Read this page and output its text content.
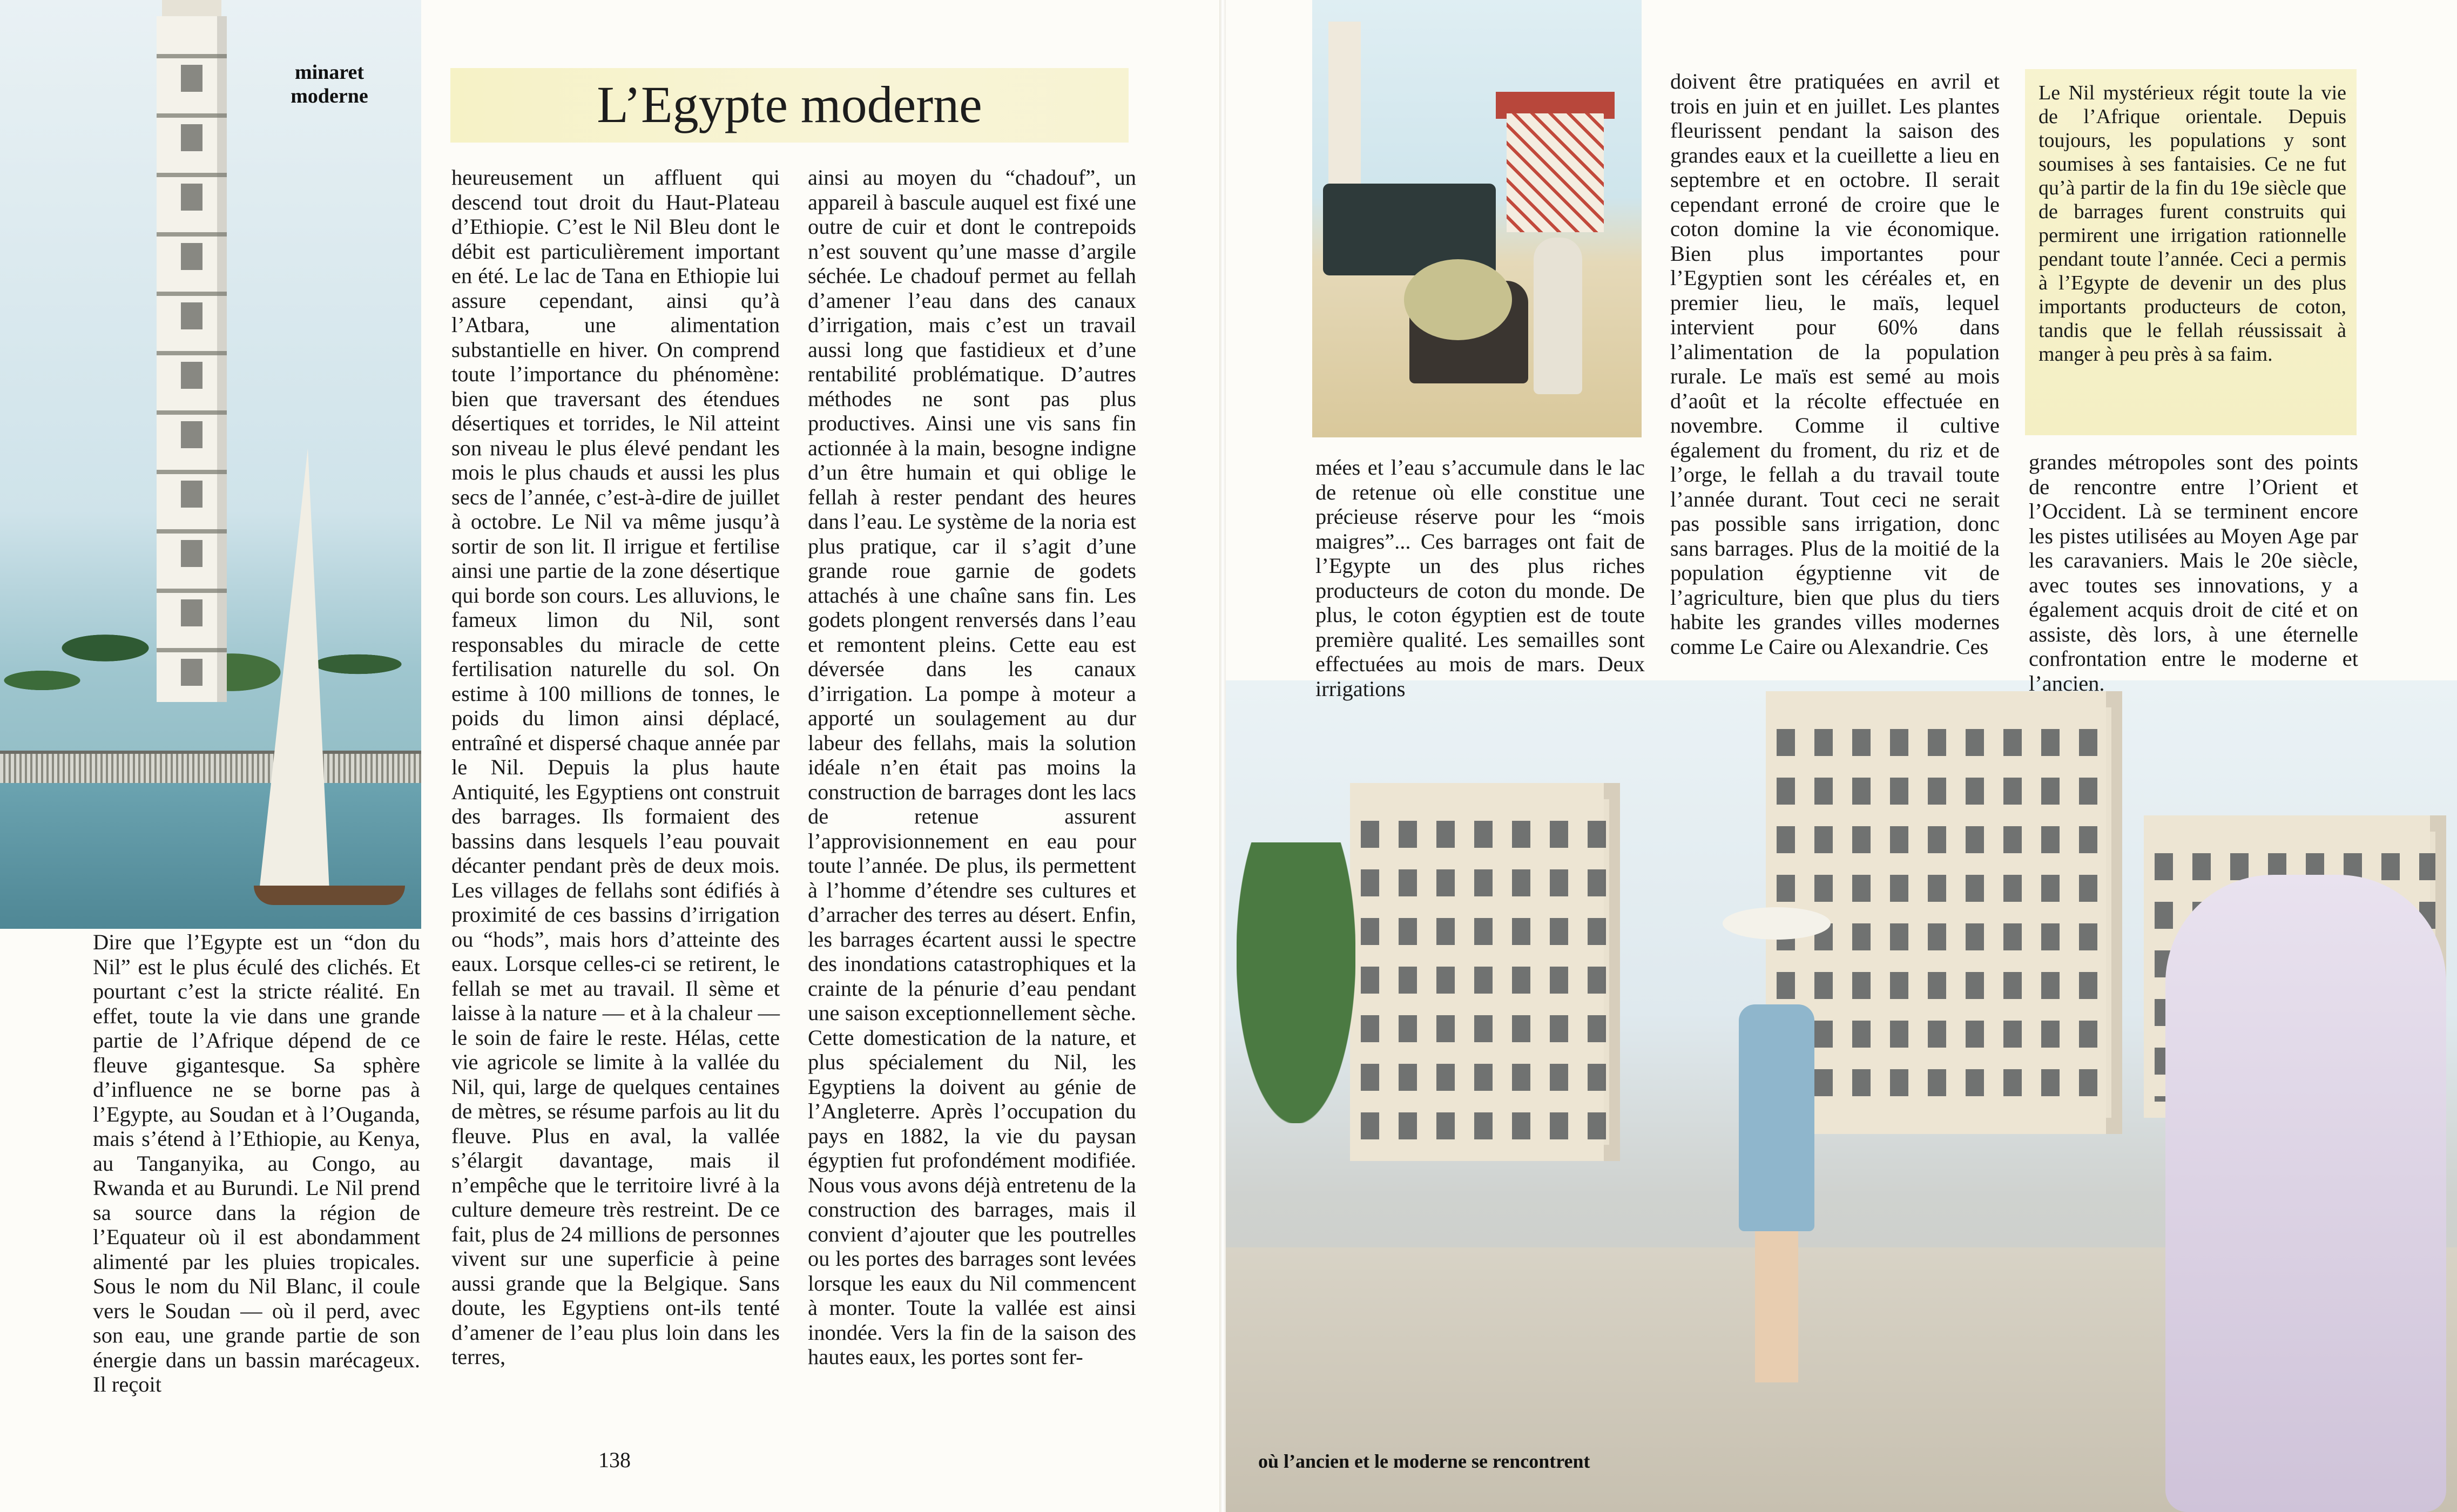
minaret moderne	L’Egypte moderne

Dire que l’Egypte est un “don du Nil” est le plus éculé des clichés. Et pourtant c’est la stricte réalité. En effet, toute la vie dans une grande partie de l’Afrique dépend de ce fleuve gigantesque. Sa sphère d’influence ne se borne pas à l’Egypte, au Soudan et à l’Ouganda, mais s’étend à l’Ethiopie, au Kenya, au Tanganyika, au Congo, au Rwanda et au Burundi. Le Nil prend sa source dans la région de l’Equateur où il est abondamment alimenté par les pluies tropicales. Sous le nom du Nil Blanc, il coule vers le Soudan — où il perd, avec son eau, une grande partie de son énergie dans un bassin marécageux. Il reçoit

heureusement un affluent qui descend tout droit du Haut-Plateau d’Ethiopie. C’est le Nil Bleu dont le débit est particulièrement important en été. Le lac de Tana en Ethiopie lui assure cependant, ainsi qu’à l’Atbara, une alimentation substantielle en hiver. On comprend toute l’importance du phénomène: bien que traversant des étendues désertiques et torrides, le Nil atteint son niveau le plus élevé pendant les mois le plus chauds et aussi les plus secs de l’année, c’est-à-dire de juillet à octobre. Le Nil va même jusqu’à sortir de son lit. Il irrigue et fertilise ainsi une partie de la zone désertique qui borde son cours. Les alluvions, le fameux limon du Nil, sont responsables du miracle de cette fertilisation naturelle du sol. On estime à 100 millions de tonnes, le poids du limon ainsi déplacé, entraîné et dispersé chaque année par le Nil. Depuis la plus haute Antiquité, les Egyptiens ont construit des barrages. Ils formaient des bassins dans lesquels l’eau pouvait décanter pendant près de deux mois. Les villages de fellahs sont édifiés à proximité de ces bassins d’irrigation ou “hods”, mais hors d’atteinte des eaux. Lorsque celles-ci se retirent, le fellah se met au travail. Il sème et laisse à la nature — et à la chaleur — le soin de faire le reste. Hélas, cette vie agricole se limite à la vallée du Nil, qui, large de quelques centaines de mètres, se résume parfois au lit du fleuve. Plus en aval, la vallée s’élargit davantage, mais il n’empêche que le territoire livré à la culture demeure très restreint. De ce fait, plus de 24 millions de personnes vivent sur une superficie à peine aussi grande que la Belgique. Sans doute, les Egyptiens ont-ils tenté d’amener de l’eau plus loin dans les terres,

ainsi au moyen du “chadouf”, un appareil à bascule auquel est fixé une outre de cuir et dont le contrepoids n’est souvent qu’une masse d’argile séchée. Le chadouf permet au fellah d’amener l’eau dans des canaux d’irrigation, mais c’est un travail aussi long que fastidieux et d’une rentabilité problématique. D’autres méthodes ne sont pas plus productives. Ainsi une vis sans fin actionnée à la main, besogne indigne d’un être humain et qui oblige le fellah à rester pendant des heures dans l’eau. Le système de la noria est plus pratique, car il s’agit d’une grande roue garnie de godets attachés à une chaîne sans fin. Les godets plongent renversés dans l’eau et remontent pleins. Cette eau est déversée dans les canaux d’irrigation. La pompe à moteur a apporté un soulagement au dur labeur des fellahs, mais la solution idéale n’en était pas moins la construction de barrages dont les lacs de retenue assurent l’approvisionnement en eau pour toute l’année. De plus, ils permettent à l’homme d’étendre ses cultures et d’arracher des terres au désert. Enfin, les barrages écartent aussi le spectre des inondations catastrophiques et la crainte de la pénurie d’eau pendant une saison exceptionnellement sèche. Cette domestication de la nature, et plus spécialement du Nil, les Egyptiens la doivent au génie de l’Angleterre. Après l’occupation du pays en 1882, la vie du paysan égyptien fut profondément modifiée. Nous vous avons déjà entretenu de la construction des barrages, mais il convient d’ajouter que les poutrelles ou les portes des barrages sont levées lorsque les eaux du Nil commencent à monter. Toute la vallée est ainsi inondée. Vers la fin de la saison des hautes eaux, les portes sont fer-

138

mées et l’eau s’accumule dans le lac de retenue où elle constitue une précieuse réserve pour les “mois maigres”... Ces barrages ont fait de l’Egypte un des plus riches producteurs de coton du monde. De plus, le coton égyptien est de toute première qualité. Les semailles sont effectuées au mois de mars. Deux irrigations

doivent être pratiquées en avril et trois en juin et en juillet. Les plantes fleurissent pendant la saison des grandes eaux et la cueillette a lieu en septembre et en octobre. Il serait cependant erroné de croire que le coton domine la vie économique. Bien plus importantes pour l’Egyptien sont les céréales et, en premier lieu, le maïs, lequel intervient pour 60% dans l’alimentation de la population rurale. Le maïs est semé au mois d’août et la récolte effectuée en novembre. Comme il cultive également du froment, du riz et de l’orge, le fellah a du travail toute l’année durant. Tout ceci ne serait pas possible sans irrigation, donc sans barrages. Plus de la moitié de la population égyptienne vit de l’agriculture, bien que plus du tiers habite les grandes villes modernes comme Le Caire ou Alexandrie. Ces

Le Nil mystérieux régit toute la vie de l’Afrique orientale. Depuis toujours, les populations y sont soumises à ses fantaisies. Ce ne fut qu’à partir de la fin du 19e siècle que de barrages furent construits qui permirent une irrigation rationnelle pendant toute l’année. Ceci a permis à l’Egypte de devenir un des plus importants producteurs de coton, tandis que le fellah réussissait à manger à peu près à sa faim.

grandes métropoles sont des points de rencontre entre l’Orient et l’Occident. Là se terminent encore les pistes utilisées au Moyen Age par les caravaniers. Mais le 20e siècle, avec toutes ses innovations, y a également acquis droit de cité et on assiste, dès lors, à une éternelle confrontation entre le moderne et l’ancien.

où l’ancien et le moderne se rencontrent
